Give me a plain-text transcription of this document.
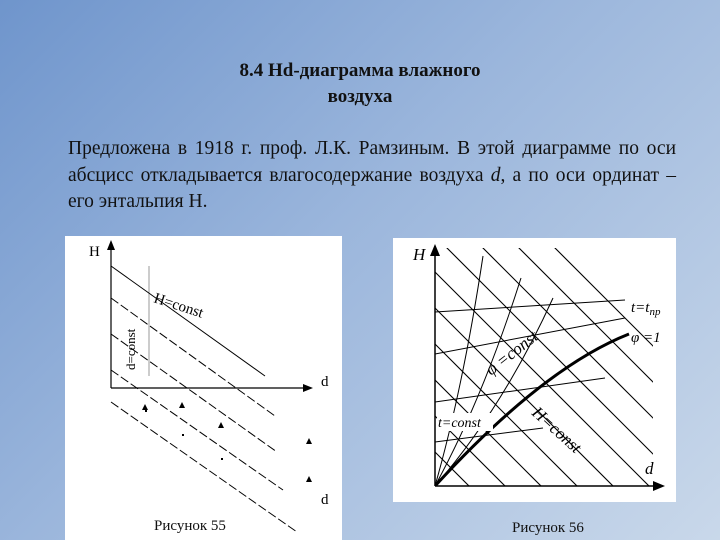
8.4 Hd-диаграмма влажного
воздуха
Предложена в 1918 г. проф. Л.К. Рамзиным. В этой диаграмме по оси абсцисс откладывается влагосодержание воздуха d, а по оси ординат – его энтальпия Н.
H
d
d
H=const
d=const
Рисунок 55
H
d
$t=t_{пр}$
φ =1
φ =const
t=const	H=const
Рисунок 56
